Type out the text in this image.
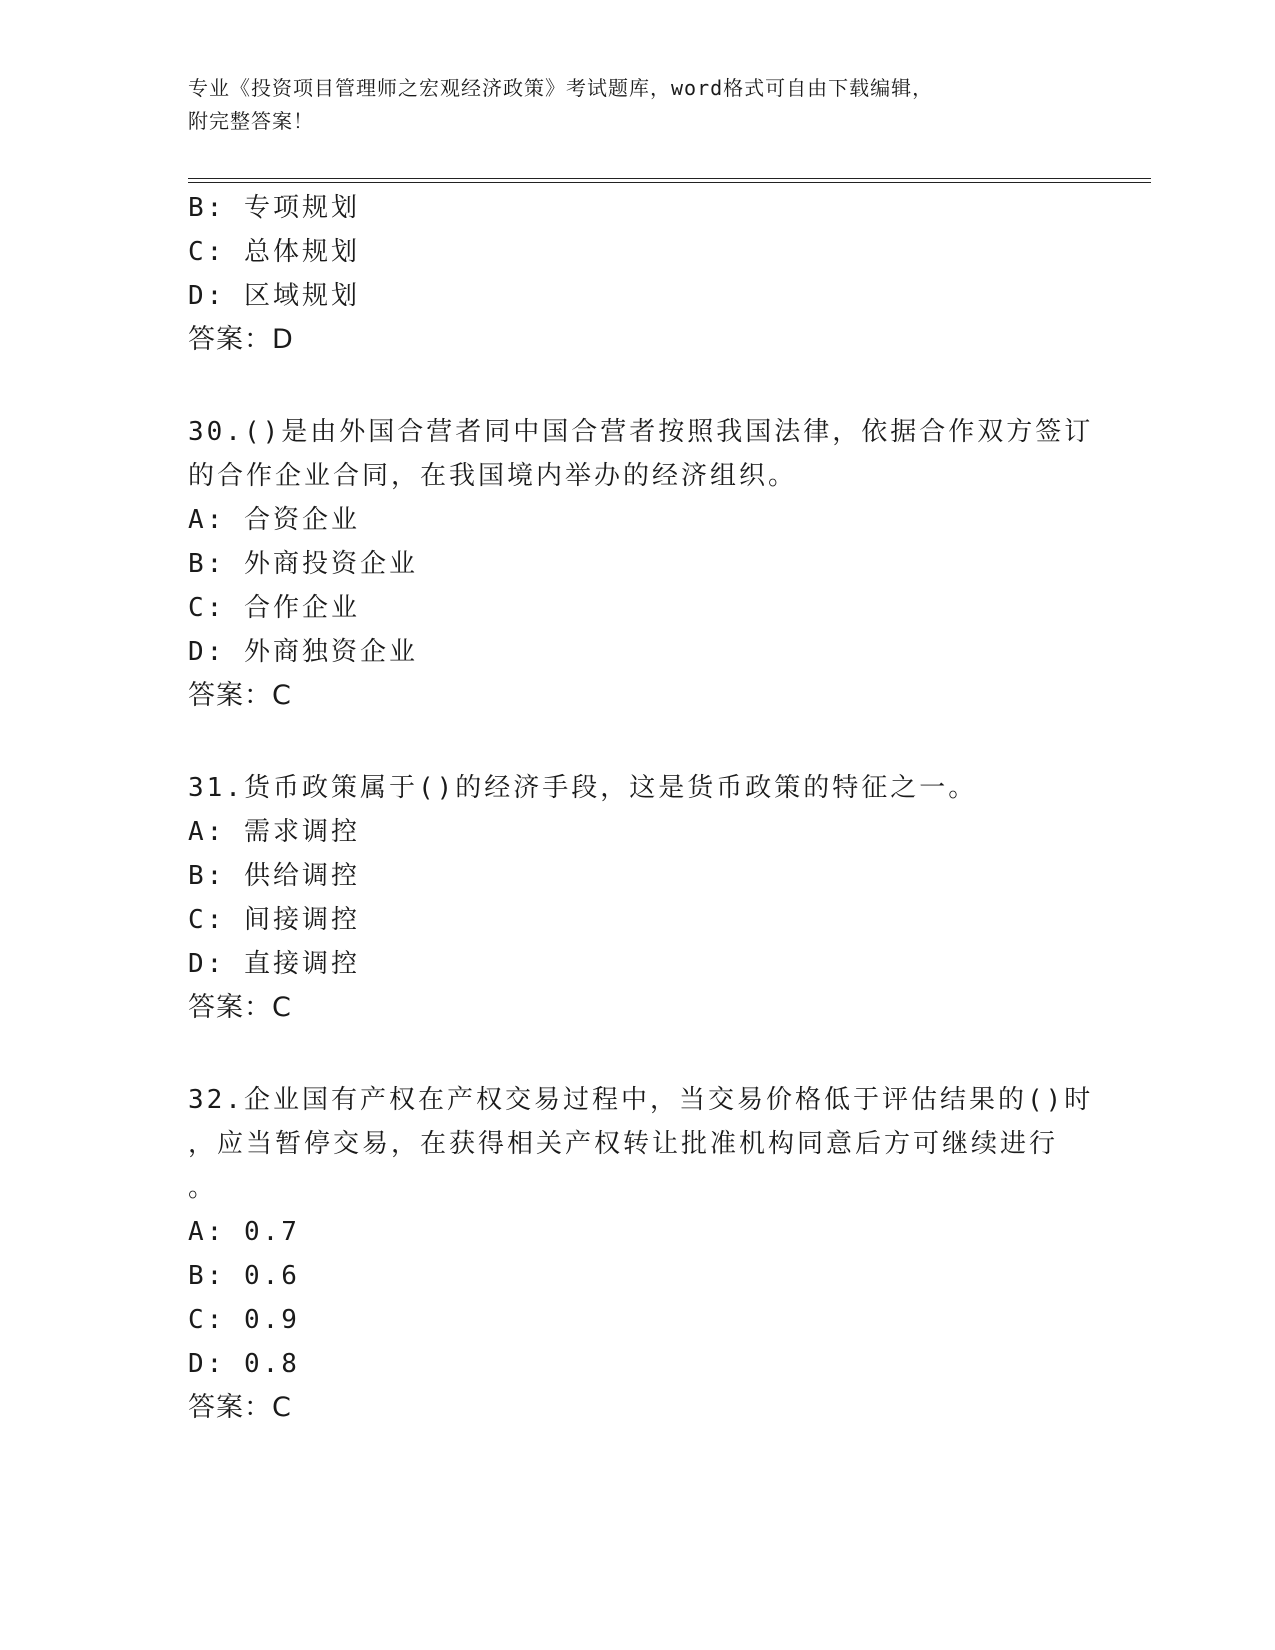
专业《投资项目管理师之宏观经济政策》考试题库，word格式可自由下载编辑，
附完整答案！
B: 专项规划
C: 总体规划
D: 区域规划
答案：D
30.()是由外国合营者同中国合营者按照我国法律，依据合作双方签订
的合作企业合同，在我国境内举办的经济组织。
A: 合资企业
B: 外商投资企业
C: 合作企业
D: 外商独资企业
答案：C
31.货币政策属于()的经济手段，这是货币政策的特征之一。
A: 需求调控
B: 供给调控
C: 间接调控
D: 直接调控
答案：C
32.企业国有产权在产权交易过程中，当交易价格低于评估结果的()时
，应当暂停交易，在获得相关产权转让批准机构同意后方可继续进行
。
A: 0.7
B: 0.6
C: 0.9
D: 0.8
答案：C
